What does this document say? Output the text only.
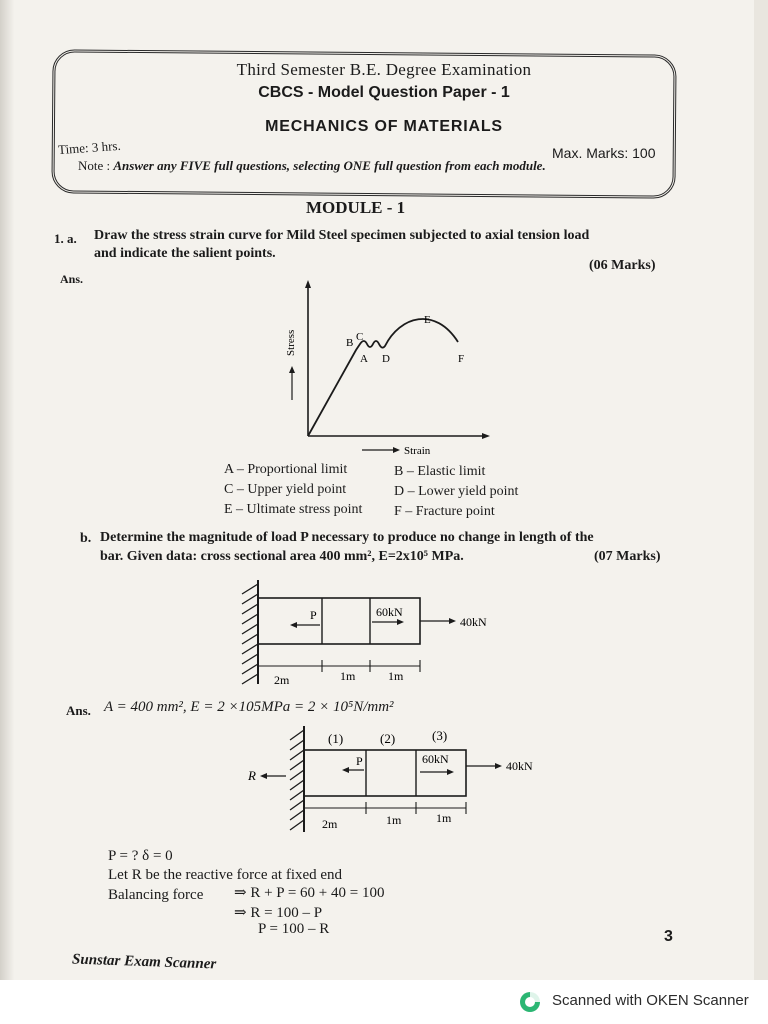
Third Semester B.E. Degree Examination
CBCS - Model Question Paper - 1
MECHANICS OF MATERIALS
Time: 3 hrs.	Max. Marks: 100
Note : Answer any FIVE full questions, selecting ONE full question from each module.
MODULE - 1
1. a. Draw the stress strain curve for Mild Steel specimen subjected to axial tension load
and indicate the salient points.
(06 Marks)
Ans.
B C
A D
E
F
Stress
Strain
A – Proportional limit	B – Elastic limit
C – Upper yield point	D – Lower yield point
E – Ultimate stress point F – Fracture point
b. Determine the magnitude of load P necessary to produce no change in length of the
bar. Given data: cross sectional area 400 mm², E=2x10⁵ MPa.	(07 Marks)
P	60kN
40kN
2m	1m	1m
Ans. A = 400 mm², E = 2 ×105MPa = 2 × 10⁵N/mm²
(1)	(2)	(3)
R
P	60kN	40kN
2m	1m	1m
P = ? δ = 0
Let R be the reactive force at fixed end
Balancing force ⇒ R + P = 60 + 40 = 100
⇒ R = 100 – P
P = 100 – R	3
Sunstar Exam Scanner
Scanned with OKEN Scanner
